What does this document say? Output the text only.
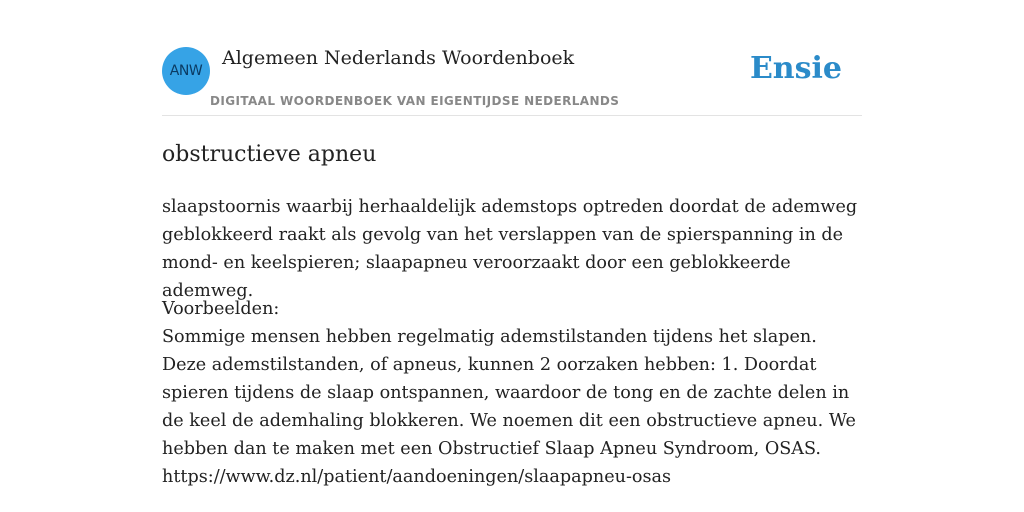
ANW
Algemeen Nederlands Woordenboek
DIGITAAL WOORDENBOEK VAN EIGENTIJDSE NEDERLANDS
Ensie
obstructieve apneu

slaapstoornis waarbij herhaaldelijk ademstops optreden doordat de ademweg geblokkeerd raakt als gevolg van het verslappen van de spierspanning in de mond- en keelspieren; slaapapneu veroorzaakt door een geblokkeerde ademweg.

Voorbeelden:

Sommige mensen hebben regelmatig ademstilstanden tijdens het slapen. Deze ademstilstanden, of apneus, kunnen 2 oorzaken hebben: 1. Doordat spieren tijdens de slaap ontspannen, waardoor de tong en de zachte delen in de keel de ademhaling blokkeren. We noemen dit een obstructieve apneu. We hebben dan te maken met een Obstructief Slaap Apneu Syndroom, OSAS.

https://www.dz.nl/patient/aandoeningen/slaapapneu-osas
